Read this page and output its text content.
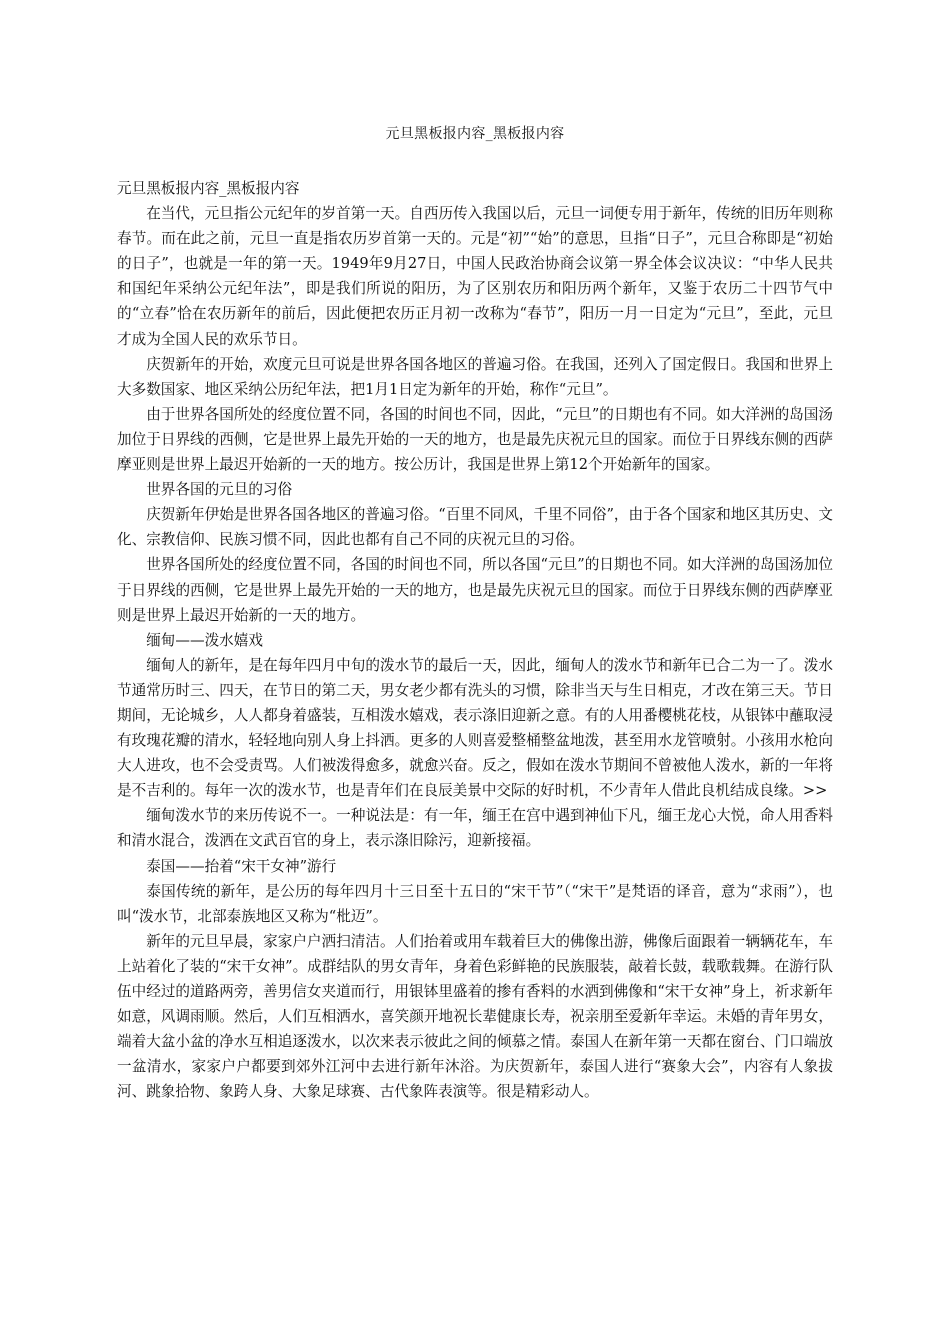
元旦黑板报内容_黑板报内容

元旦黑板报内容_黑板报内容

在当代，元旦指公元纪年的岁首第一天。自西历传入我国以后，元旦一词便专用于新年，传统的旧历年则称春节。而在此之前，元旦一直是指农历岁首第一天的。元是“初”“始”的意思，旦指“日子”，元旦合称即是“初始的日子”，也就是一年的第一天。1949年9月27日，中国人民政治协商会议第一界全体会议决议：“中华人民共和国纪年采纳公元纪年法”，即是我们所说的阳历，为了区别农历和阳历两个新年，又鉴于农历二十四节气中的“立春”恰在农历新年的前后，因此便把农历正月初一改称为“春节”，阳历一月一日定为“元旦”，至此，元旦才成为全国人民的欢乐节日。

庆贺新年的开始，欢度元旦可说是世界各国各地区的普遍习俗。在我国，还列入了国定假日。我国和世界上大多数国家、地区采纳公历纪年法，把1月1日定为新年的开始，称作“元旦”。

由于世界各国所处的经度位置不同，各国的时间也不同，因此，“元旦”的日期也有不同。如大洋洲的岛国汤加位于日界线的西侧，它是世界上最先开始的一天的地方，也是最先庆祝元旦的国家。而位于日界线东侧的西萨摩亚则是世界上最迟开始新的一天的地方。按公历计，我国是世界上第12个开始新年的国家。

世界各国的元旦的习俗

庆贺新年伊始是世界各国各地区的普遍习俗。“百里不同风，千里不同俗”，由于各个国家和地区其历史、文化、宗教信仰、民族习惯不同，因此也都有自己不同的庆祝元旦的习俗。

世界各国所处的经度位置不同，各国的时间也不同，所以各国“元旦”的日期也不同。如大洋洲的岛国汤加位于日界线的西侧，它是世界上最先开始的一天的地方，也是最先庆祝元旦的国家。而位于日界线东侧的西萨摩亚则是世界上最迟开始新的一天的地方。

缅甸——泼水嬉戏

缅甸人的新年，是在每年四月中旬的泼水节的最后一天，因此，缅甸人的泼水节和新年已合二为一了。泼水节通常历时三、四天，在节日的第二天，男女老少都有洗头的习惯，除非当天与生日相克，才改在第三天。节日期间，无论城乡，人人都身着盛装，互相泼水嬉戏，表示涤旧迎新之意。有的人用番樱桃花枝，从银钵中蘸取浸有玫瑰花瓣的清水，轻轻地向别人身上抖洒。更多的人则喜爱整桶整盆地泼，甚至用水龙管喷射。小孩用水枪向大人进攻，也不会受责骂。人们被泼得愈多，就愈兴奋。反之，假如在泼水节期间不曾被他人泼水，新的一年将是不吉利的。每年一次的泼水节，也是青年们在良辰美景中交际的好时机，不少青年人借此良机结成良缘。>>

缅甸泼水节的来历传说不一。一种说法是：有一年，缅王在宫中遇到神仙下凡，缅王龙心大悦，命人用香料和清水混合，泼洒在文武百官的身上，表示涤旧除污，迎新接福。

泰国——抬着“宋干女神”游行

泰国传统的新年，是公历的每年四月十三日至十五日的“宋干节”（“宋干”是梵语的译音，意为“求雨”），也叫“泼水节，北部泰族地区又称为“枇迈”。

新年的元旦早晨，家家户户洒扫清洁。人们抬着或用车载着巨大的佛像出游，佛像后面跟着一辆辆花车，车上站着化了装的“宋干女神”。成群结队的男女青年，身着色彩鲜艳的民族服装，敲着长鼓，载歌载舞。在游行队伍中经过的道路两旁，善男信女夹道而行，用银钵里盛着的掺有香料的水洒到佛像和“宋干女神”身上，祈求新年如意，风调雨顺。然后，人们互相洒水，喜笑颜开地祝长辈健康长寿，祝亲朋至爱新年幸运。未婚的青年男女，端着大盆小盆的净水互相追逐泼水，以次来表示彼此之间的倾慕之情。泰国人在新年第一天都在窗台、门口端放一盆清水，家家户户都要到郊外江河中去进行新年沐浴。为庆贺新年，泰国人进行“赛象大会”，内容有人象拔河、跳象拾物、象跨人身、大象足球赛、古代象阵表演等。很是精彩动人。
